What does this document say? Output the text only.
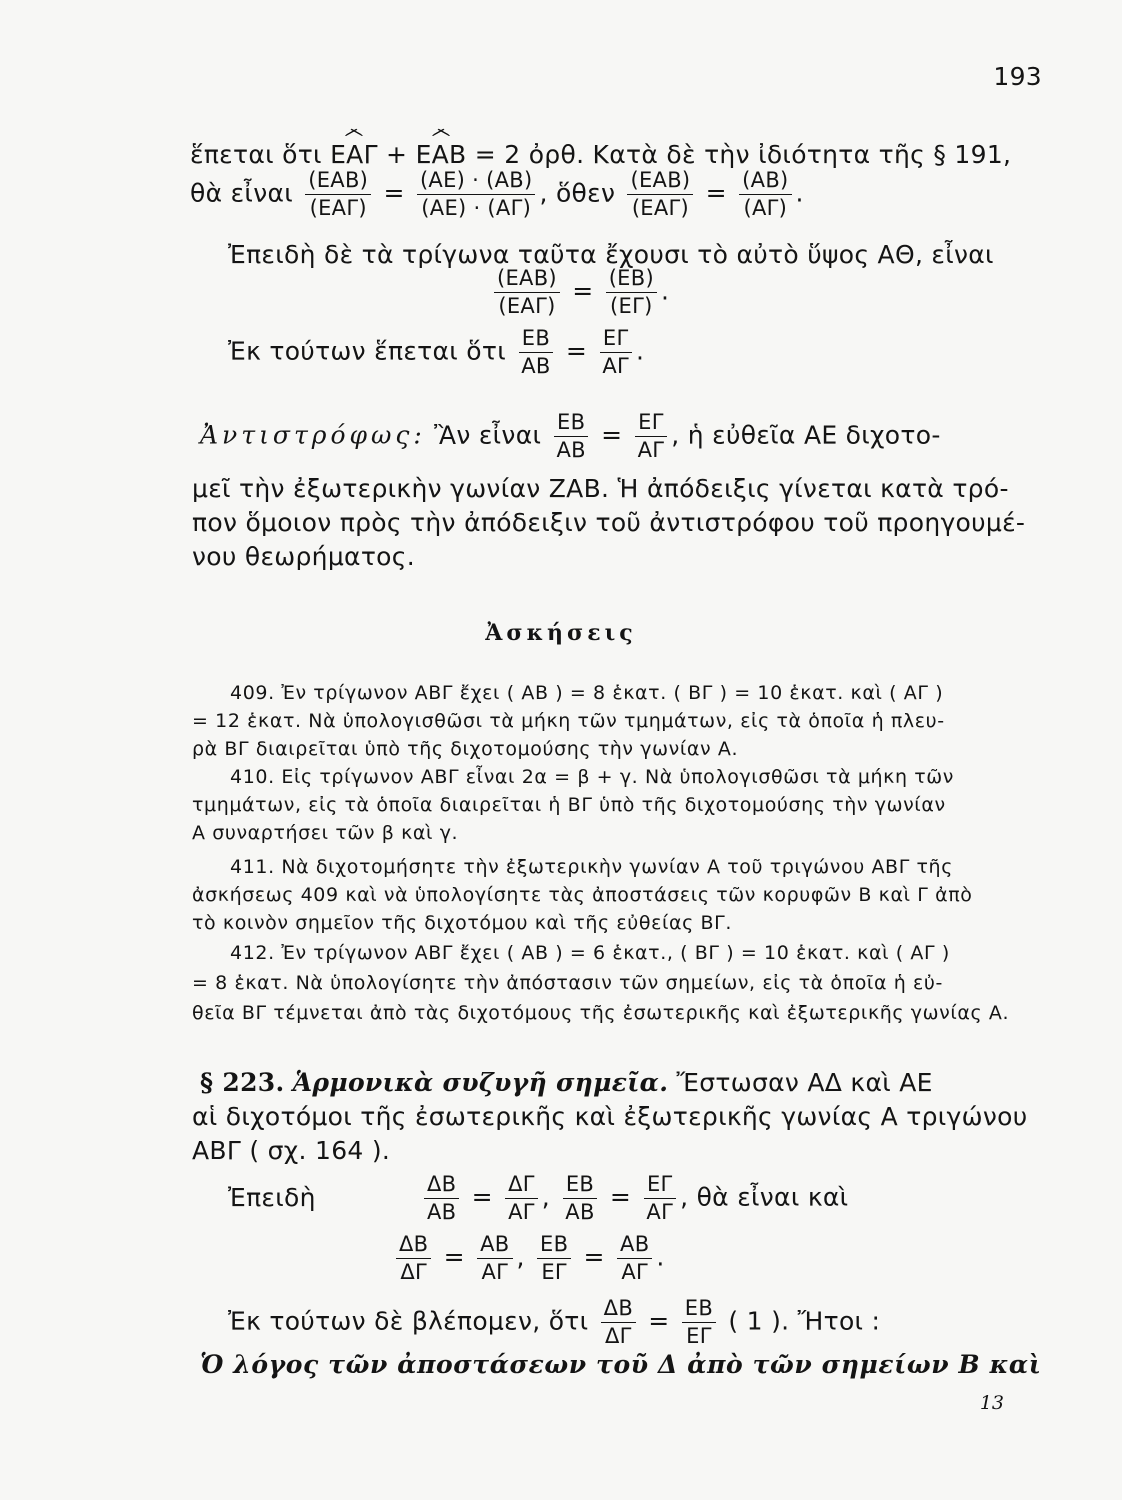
193
ἕπεται ὅτι ΕΑΓ + ΕΑΒ = 2 ὀρθ. Κατὰ δὲ τὴν ἰδιότητα τῆς § 191,
θὰ εἶναι $\frac{\text{(ΕΑΒ)}}{\text{(ΕΑΓ)}} = \frac{(AE) \cdot (AB)}{(AE) \cdot (A\Gamma)}$ , ὅθεν $\frac{\text{(ΕΑΒ)}}{\text{(ΕΑΓ)}} = \frac{(AB)}{(A\Gamma)}$ .
Ἐπειδὴ δὲ τὰ τρίγωνα ταῦτα ἔχουσι τὸ αὐτὸ ὕψος ΑΘ, εἶναι
$\frac{\text{(ΕΑΒ)}}{\text{(ΕΑΓ)}} = \frac{(EB)}{(E\Gamma)}$ .
Ἐκ τούτων ἕπεται ὅτι $\frac{EB}{AB} = \frac{E\Gamma}{A\Gamma}$ .
Ἀντιστρόφως: Ἂν εἶναι $\frac{EB}{AB} = \frac{E\Gamma}{A\Gamma}$ , ἡ εὐθεῖα ΑΕ διχοτο-
μεῖ τὴν ἐξωτερικὴν γωνίαν ΖΑΒ. Ἡ ἀπόδειξις γίνεται κατὰ τρό-
πον ὅμοιον πρὸς τὴν ἀπόδειξιν τοῦ ἀντιστρόφου τοῦ προηγουμέ-
νου θεωρήματος.
Ἀσκήσεις
409. Ἐν τρίγωνον ΑΒΓ ἔχει ( ΑΒ ) = 8 ἑκατ. ( ΒΓ ) = 10 ἑκατ. καὶ ( ΑΓ )
= 12 ἑκατ. Νὰ ὑπολογισθῶσι τὰ μήκη τῶν τμημάτων, εἰς τὰ ὁποῖα ἡ πλευ-
ρὰ ΒΓ διαιρεῖται ὑπὸ τῆς διχοτομούσης τὴν γωνίαν Α.
410. Εἰς τρίγωνον ΑΒΓ εἶναι 2α = β + γ. Νὰ ὑπολογισθῶσι τὰ μήκη τῶν
τμημάτων, εἰς τὰ ὁποῖα διαιρεῖται ἡ ΒΓ ὑπὸ τῆς διχοτομούσης τὴν γωνίαν
Α συναρτήσει τῶν β καὶ γ.
411. Νὰ διχοτομήσητε τὴν ἐξωτερικὴν γωνίαν Α τοῦ τριγώνου ΑΒΓ τῆς
ἀσκήσεως 409 καὶ νὰ ὑπολογίσητε τὰς ἀποστάσεις τῶν κορυφῶν Β καὶ Γ ἀπὸ
τὸ κοινὸν σημεῖον τῆς διχοτόμου καὶ τῆς εὐθείας ΒΓ.
412. Ἐν τρίγωνον ΑΒΓ ἔχει ( ΑΒ ) = 6 ἑκατ., ( ΒΓ ) = 10 ἑκατ. καὶ ( ΑΓ )
= 8 ἑκατ. Νὰ ὑπολογίσητε τὴν ἀπόστασιν τῶν σημείων, εἰς τὰ ὁποῖα ἡ εὐ-
θεῖα ΒΓ τέμνεται ἀπὸ τὰς διχοτόμους τῆς ἐσωτερικῆς καὶ ἐξωτερικῆς γωνίας Α.
§ 223. Ἁρμονικὰ συζυγῆ σημεῖα. Ἔστωσαν ΑΔ καὶ ΑΕ
αἱ διχοτόμοι τῆς ἐσωτερικῆς καὶ ἐξωτερικῆς γωνίας Α τριγώνου
ΑΒΓ ( σχ. 164 ).
Ἐπειδὴ	$\frac{\Delta B}{AB} = \frac{\Delta\Gamma}{A\Gamma}$ , $\frac{EB}{AB} = \frac{E\Gamma}{A\Gamma}$ , θὰ εἶναι καὶ
$\frac{\Delta B}{\Delta\Gamma} = \frac{AB}{A\Gamma}$ , $\frac{EB}{E\Gamma} = \frac{AB}{A\Gamma}$ .
Ἐκ τούτων δὲ βλέπομεν, ὅτι $\frac{\Delta B}{\Delta\Gamma} = \frac{EB}{E\Gamma}$ ( 1 ). Ἤτοι :
Ὁ λόγος τῶν ἀποστάσεων τοῦ Δ ἀπὸ τῶν σημείων Β καὶ
13
